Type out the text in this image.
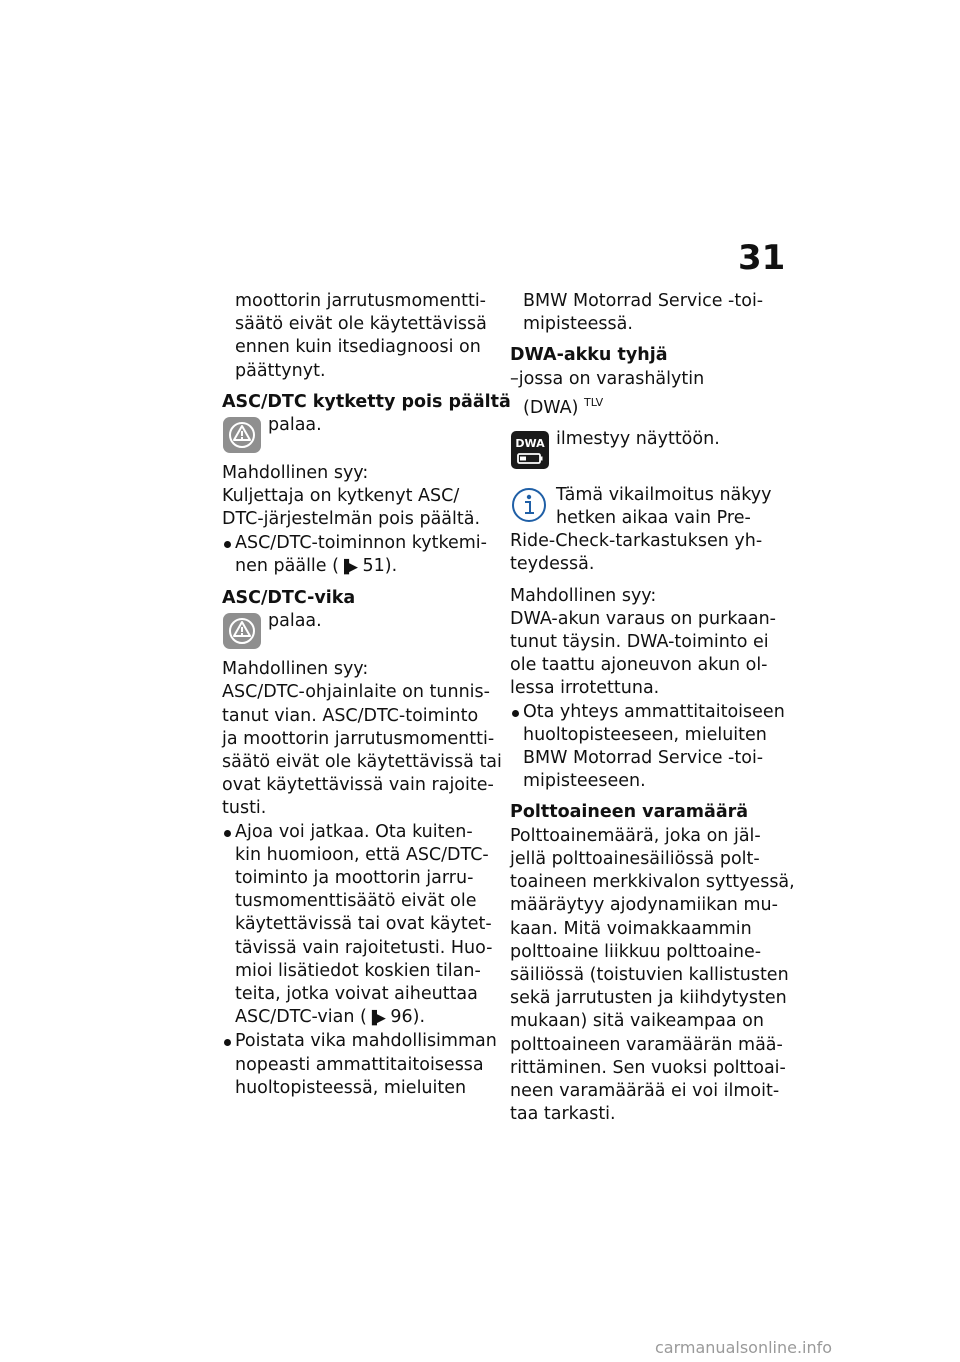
31
moottorin jarrutusmomentti-
säätö eivät ole käytettävissä
ennen kuin itsediagnoosi on
päättynyt.
ASC/DTC kytketty pois päältä
palaa.
Mahdollinen syy:
Kuljettaja on kytkenyt ASC/
DTC-järjestelmän pois päältä.
ASC/DTC-toiminnon kytkemi-
nen päälle (▐▶ 51).
ASC/DTC-vika
palaa.
Mahdollinen syy:
ASC/DTC-ohjainlaite on tunnis-
tanut vian. ASC/DTC-toiminto
ja moottorin jarrutusmomentti-
säätö eivät ole käytettävissä tai
ovat käytettävissä vain rajoite-
tusti.
Ajoa voi jatkaa. Ota kuiten-
kin huomioon, että ASC/DTC-
toiminto ja moottorin jarru-
tusmomenttisäätö eivät ole
käytettävissä tai ovat käytet-
tävissä vain rajoitetusti. Huo-
mioi lisätiedot koskien tilan-
teita, jotka voivat aiheuttaa
ASC/DTC-vian (▐▶ 96).
Poistata vika mahdollisimman
nopeasti ammattitaitoisessa
huoltopisteessä, mieluiten
BMW Motorrad Service -toi-
mipisteessä.
DWA-akku tyhjä
–jossa on varashälytin
(DWA) $^{TLV}$
DWA ilmestyy näyttöön.
Tämä vikailmoitus näkyy
hetken aikaa vain Pre-
Ride-Check-tarkastuksen yh-
teydessä.
Mahdollinen syy:
DWA-akun varaus on purkaan-
tunut täysin. DWA-toiminto ei
ole taattu ajoneuvon akun ol-
lessa irrotettuna.
Ota yhteys ammattitaitoiseen
huoltopisteeseen, mieluiten
BMW Motorrad Service -toi-
mipisteeseen.
Polttoaineen varamäärä
Polttoainemäärä, joka on jäl-
jellä polttoainesäiliössä polt-
toaineen merkkivalon syttyessä,
määräytyy ajodynamiikan mu-
kaan. Mitä voimakkaammin
polttoaine liikkuu polttoaine-
säiliössä (toistuvien kallistusten
sekä jarrutusten ja kiihdytysten
mukaan) sitä vaikeampaa on
polttoaineen varamäärän mää-
rittäminen. Sen vuoksi polttoai-
neen varamäärää ei voi ilmoit-
taa tarkasti.
carmanualsonline.info
